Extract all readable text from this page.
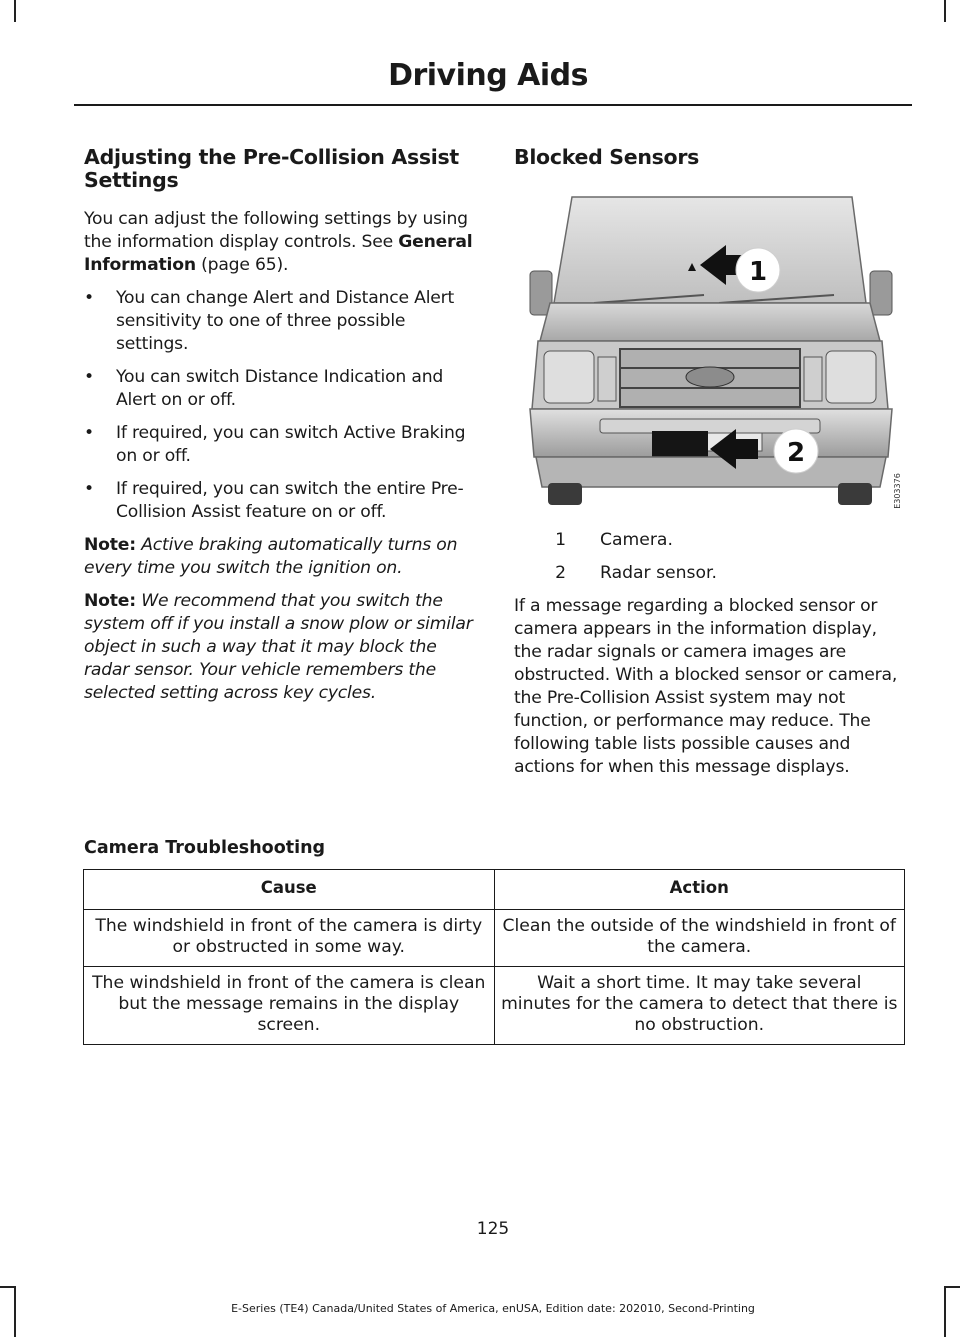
Driving Aids
Adjusting the Pre-Collision Assist Settings

You can adjust the following settings by using the information display controls. See General Information (page 65).

• You can change Alert and Distance Alert sensitivity to one of three possible settings.
• You can switch Distance Indication and Alert on or off.
• If required, you can switch Active Braking on or off.
• If required, you can switch the entire Pre-Collision Assist feature on or off.

Note: Active braking automatically turns on every time you switch the ignition on.

Note: We recommend that you switch the system off if you install a snow plow or similar object in such a way that it may block the radar sensor. Your vehicle remembers the selected setting across key cycles.

Blocked Sensors
1
2
E303376
1	Camera.
2	Radar sensor.

If a message regarding a blocked sensor or camera appears in the information display, the radar signals or camera images are obstructed. With a blocked sensor or camera, the Pre-Collision Assist system may not function, or performance may reduce. The following table lists possible causes and actions for when this message displays.

Camera Troubleshooting
Cause	Action
The windshield in front of the camera is dirty or obstructed in some way.	Clean the outside of the windshield in front of the camera.
The windshield in front of the camera is clean but the message remains in the display screen.	Wait a short time. It may take several minutes for the camera to detect that there is no obstruction.
125
E-Series (TE4) Canada/United States of America, enUSA, Edition date: 202010, Second-Printing
